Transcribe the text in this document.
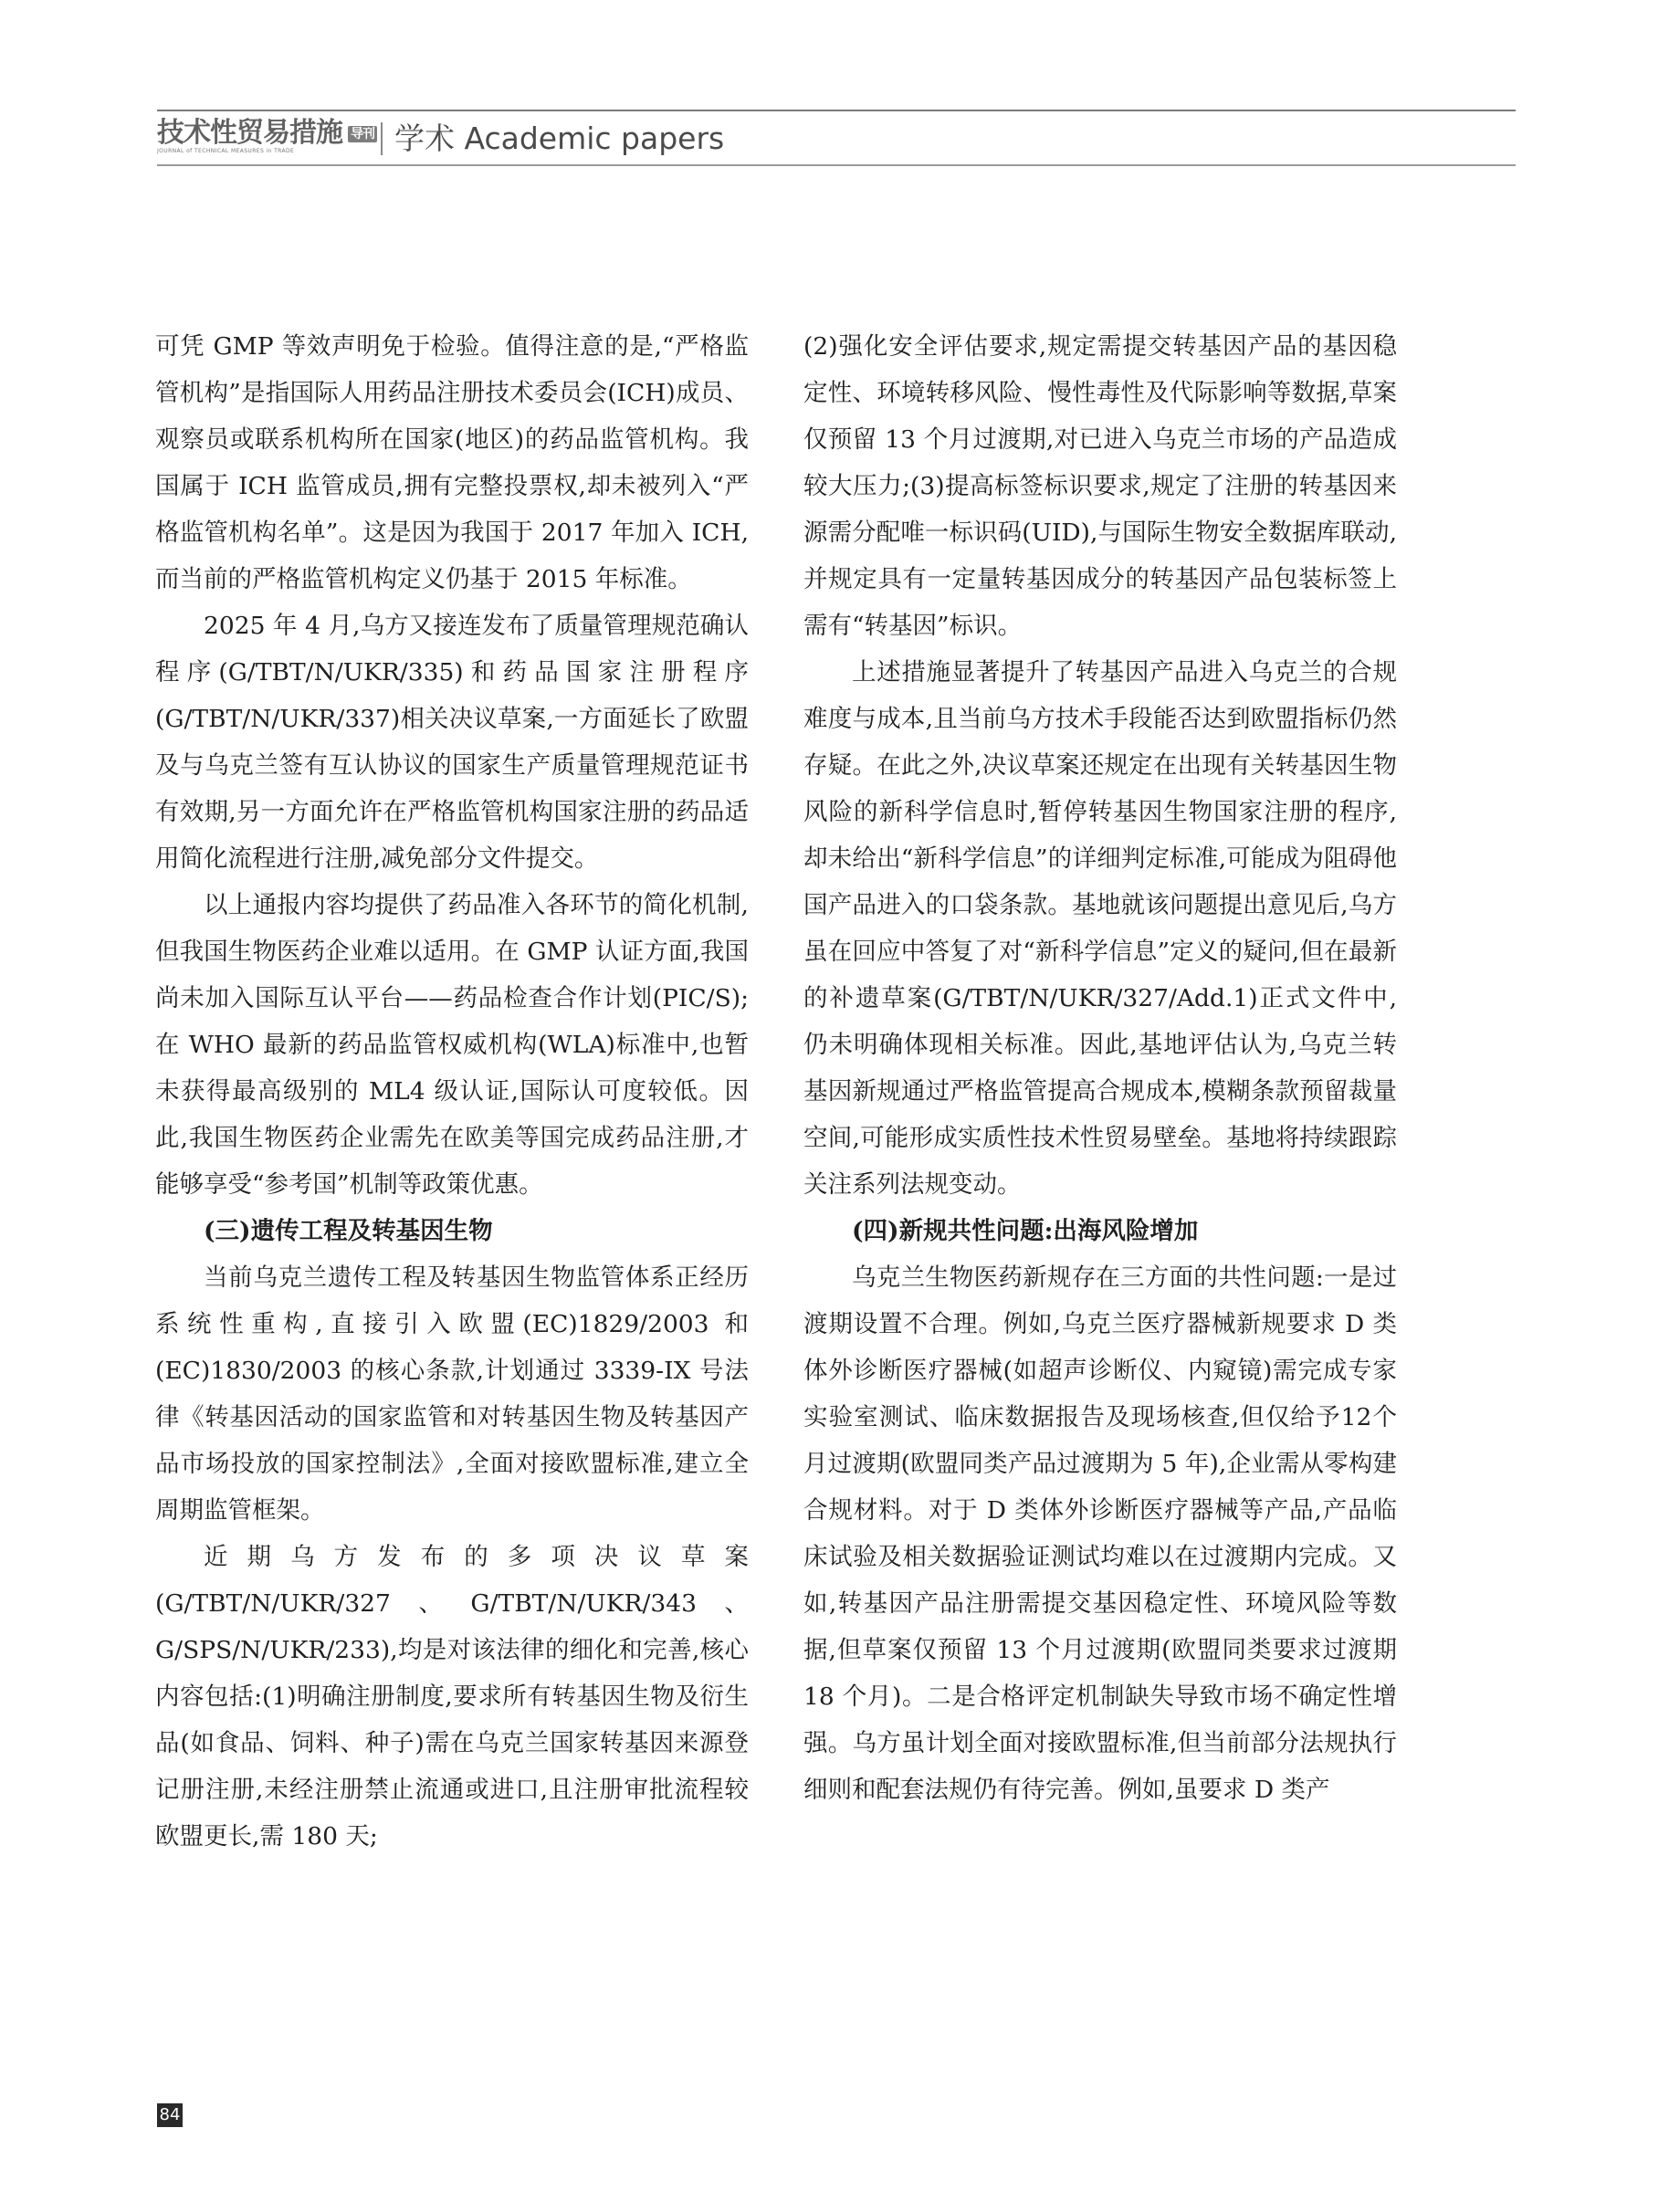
技术性贸易措施 导刊
JOURNAL of TECHNICAL MEASURES in TRADE	学术 Academic papers

可凭 GMP 等效声明免于检验。值得注意的是,“严格监管机构”是指国际人用药品注册技术委员会(ICH)成员、观察员或联系机构所在国家(地区)的药品监管机构。我国属于 ICH 监管成员,拥有完整投票权,却未被列入“严格监管机构名单”。这是因为我国于 2017 年加入 ICH,而当前的严格监管机构定义仍基于 2015 年标准。

2025 年 4 月,乌方又接连发布了质量管理规范确认程序(G/TBT/N/UKR/335)和药品国家注册程序(G/TBT/N/UKR/337)相关决议草案,一方面延长了欧盟及与乌克兰签有互认协议的国家生产质量管理规范证书有效期,另一方面允许在严格监管机构国家注册的药品适用简化流程进行注册,减免部分文件提交。

以上通报内容均提供了药品准入各环节的简化机制,但我国生物医药企业难以适用。在 GMP 认证方面,我国尚未加入国际互认平台——药品检查合作计划(PIC/S);在 WHO 最新的药品监管权威机构(WLA)标准中,也暂未获得最高级别的 ML4 级认证,国际认可度较低。因此,我国生物医药企业需先在欧美等国完成药品注册,才能够享受“参考国”机制等政策优惠。

(三)遗传工程及转基因生物

当前乌克兰遗传工程及转基因生物监管体系正经历系统性重构,直接引入欧盟(EC)1829/2003 和(EC)1830/2003 的核心条款,计划通过 3339-IX 号法律《转基因活动的国家监管和对转基因生物及转基因产品市场投放的国家控制法》,全面对接欧盟标准,建立全周期监管框架。

近期乌方发布的多项决议草案(G/TBT/N/UKR/327、G/TBT/N/UKR/343、G/SPS/N/UKR/233),均是对该法律的细化和完善,核心内容包括:(1)明确注册制度,要求所有转基因生物及衍生品(如食品、饲料、种子)需在乌克兰国家转基因来源登记册注册,未经注册禁止流通或进口,且注册审批流程较欧盟更长,需 180 天;

(2)强化安全评估要求,规定需提交转基因产品的基因稳定性、环境转移风险、慢性毒性及代际影响等数据,草案仅预留 13 个月过渡期,对已进入乌克兰市场的产品造成较大压力;(3)提高标签标识要求,规定了注册的转基因来源需分配唯一标识码(UID),与国际生物安全数据库联动,并规定具有一定量转基因成分的转基因产品包装标签上需有“转基因”标识。

上述措施显著提升了转基因产品进入乌克兰的合规难度与成本,且当前乌方技术手段能否达到欧盟指标仍然存疑。在此之外,决议草案还规定在出现有关转基因生物风险的新科学信息时,暂停转基因生物国家注册的程序,却未给出“新科学信息”的详细判定标准,可能成为阻碍他国产品进入的口袋条款。基地就该问题提出意见后,乌方虽在回应中答复了对“新科学信息”定义的疑问,但在最新的补遗草案(G/TBT/N/UKR/327/Add.1)正式文件中,仍未明确体现相关标准。因此,基地评估认为,乌克兰转基因新规通过严格监管提高合规成本,模糊条款预留裁量空间,可能形成实质性技术性贸易壁垒。基地将持续跟踪关注系列法规变动。

(四)新规共性问题:出海风险增加

乌克兰生物医药新规存在三方面的共性问题:一是过渡期设置不合理。例如,乌克兰医疗器械新规要求 D 类体外诊断医疗器械(如超声诊断仪、内窥镜)需完成专家实验室测试、临床数据报告及现场核查,但仅给予12个月过渡期(欧盟同类产品过渡期为 5 年),企业需从零构建合规材料。对于 D 类体外诊断医疗器械等产品,产品临床试验及相关数据验证测试均难以在过渡期内完成。又如,转基因产品注册需提交基因稳定性、环境风险等数据,但草案仅预留 13 个月过渡期(欧盟同类要求过渡期 18 个月)。二是合格评定机制缺失导致市场不确定性增强。乌方虽计划全面对接欧盟标准,但当前部分法规执行细则和配套法规仍有待完善。例如,虽要求 D 类产

84
